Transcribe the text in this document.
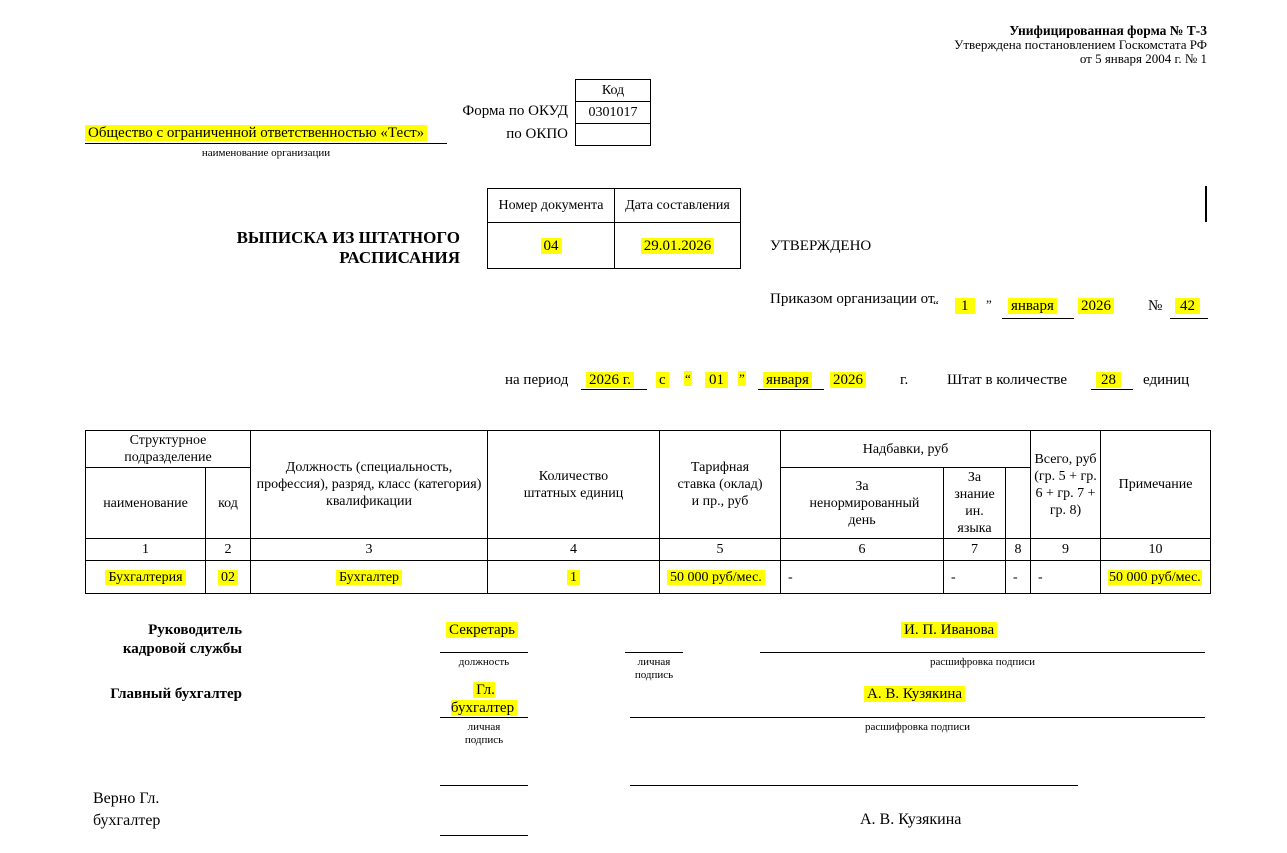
Унифицированная форма № Т-3
Утверждена постановлением Госкомстата РФ
от 5 января 2004 г. № 1
Код
0301017

Форма по ОКУД
по ОКПО
Общество с ограниченной ответственностью «Тест»
наименование организации
ВЫПИСКА ИЗ ШТАТНОГО РАСПИСАНИЯ
Номер документа	Дата составления
04	29.01.2026	УТВЕРЖДЕНО
Приказом организации от
“	1	” января 2026 №	42
на период 2026 г. с “ 01	” января 2026 г.	Штат в количестве	28	единиц
Структурное подразделение		Должность (специальность, профессия), разряд, класс (категория) квалификации	Количество штатных единиц	Тарифная ставка (оклад) и пр., руб	Надбавки, руб			Всего, руб (гр. 5 + гр. 6 + гр. 7 + гр. 8)	Примечание
наименование	код				За ненормированный день	За знание ин. языка			
1	2	3	4	5	6	7	8	9	10
Бухгалтерия	02	Бухгалтер	1	50 000 руб/мес.	-	-	-	-	50 000 руб/мес.
Руководитель кадровой службы
Секретарь
должность	личная подпись
И. П. Иванова
расшифровка подписи
Главный бухгалтер	Гл. бухгалтер
личная подпись
А. В. Кузякина
расшифровка подписи
Верно Гл. бухгалтер	А. В. Кузякина
